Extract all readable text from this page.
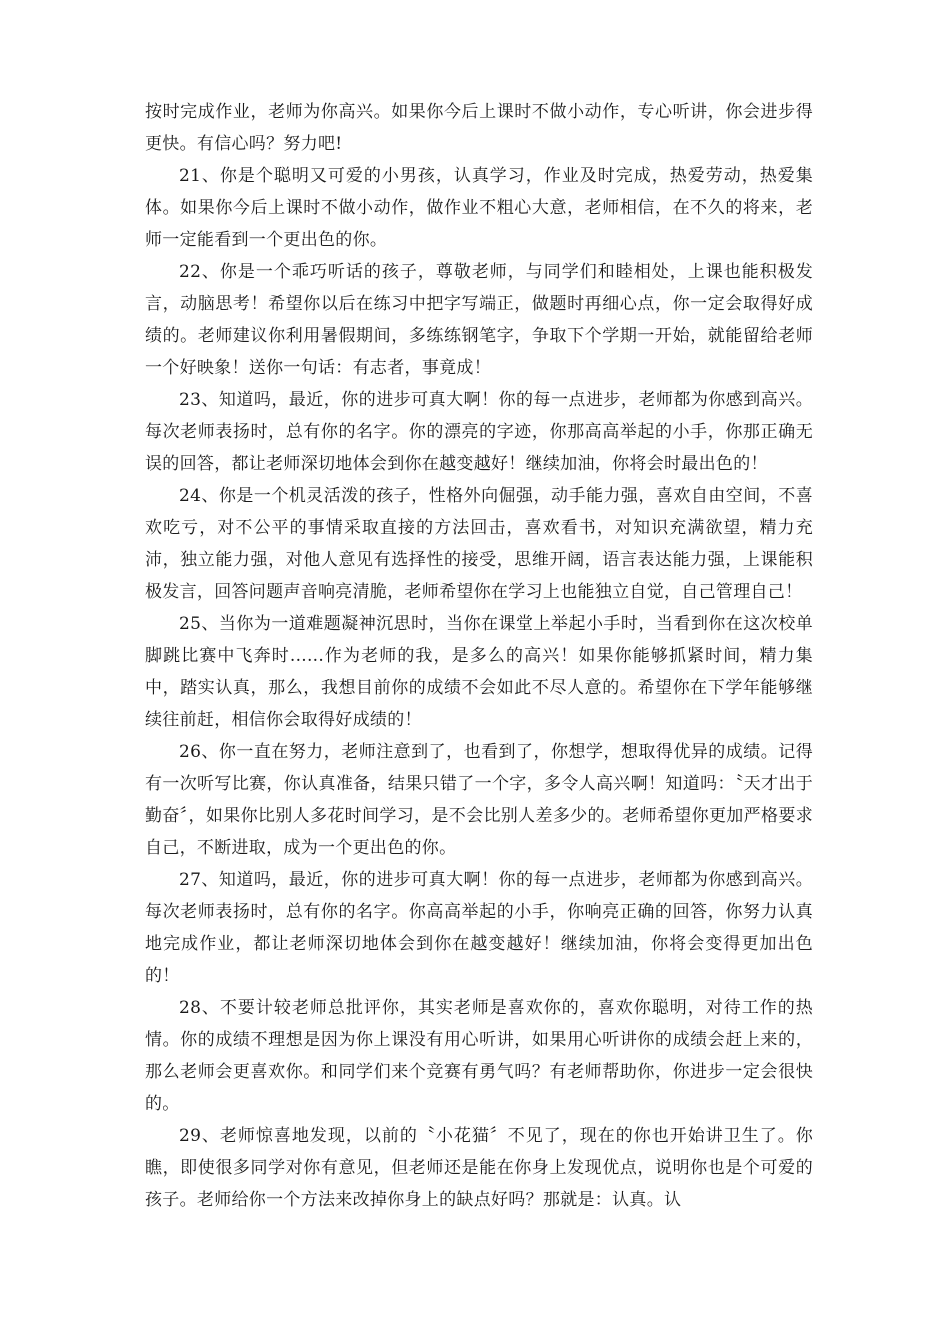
按时完成作业，老师为你高兴。如果你今后上课时不做小动作，专心听讲，你会进步得更快。有信心吗？努力吧!

21、你是个聪明又可爱的小男孩，认真学习，作业及时完成，热爱劳动，热爱集体。如果你今后上课时不做小动作，做作业不粗心大意，老师相信，在不久的将来，老师一定能看到一个更出色的你。

22、你是一个乖巧听话的孩子，尊敬老师，与同学们和睦相处，上课也能积极发言，动脑思考！希望你以后在练习中把字写端正，做题时再细心点，你一定会取得好成绩的。老师建议你利用暑假期间，多练练钢笔字，争取下个学期一开始，就能留给老师一个好映象！送你一句话：有志者，事竟成！

23、知道吗，最近，你的进步可真大啊！你的每一点进步，老师都为你感到高兴。每次老师表扬时，总有你的名字。你的漂亮的字迹，你那高高举起的小手，你那正确无误的回答，都让老师深切地体会到你在越变越好！继续加油，你将会时最出色的！

24、你是一个机灵活泼的孩子，性格外向倔强，动手能力强，喜欢自由空间，不喜欢吃亏，对不公平的事情采取直接的方法回击，喜欢看书，对知识充满欲望，精力充沛，独立能力强，对他人意见有选择性的接受，思维开阔，语言表达能力强，上课能积极发言，回答问题声音响亮清脆，老师希望你在学习上也能独立自觉，自己管理自己！

25、当你为一道难题凝神沉思时，当你在课堂上举起小手时，当看到你在这次校单脚跳比赛中飞奔时......作为老师的我，是多么的高兴！如果你能够抓紧时间，精力集中，踏实认真，那么，我想目前你的成绩不会如此不尽人意的。希望你在下学年能够继续往前赶，相信你会取得好成绩的！

26、你一直在努力，老师注意到了，也看到了，你想学，想取得优异的成绩。记得有一次听写比赛，你认真准备，结果只错了一个字，多令人高兴啊！知道吗：〝天才出于勤奋〞，如果你比别人多花时间学习，是不会比别人差多少的。老师希望你更加严格要求自己，不断进取，成为一个更出色的你。

27、知道吗，最近，你的进步可真大啊！你的每一点进步，老师都为你感到高兴。每次老师表扬时，总有你的名字。你高高举起的小手，你响亮正确的回答，你努力认真地完成作业，都让老师深切地体会到你在越变越好！继续加油，你将会变得更加出色的！

28、不要计较老师总批评你，其实老师是喜欢你的，喜欢你聪明，对待工作的热情。你的成绩不理想是因为你上课没有用心听讲，如果用心听讲你的成绩会赶上来的，那么老师会更喜欢你。和同学们来个竞赛有勇气吗？有老师帮助你，你进步一定会很快的。

29、老师惊喜地发现，以前的〝小花猫〞不见了，现在的你也开始讲卫生了。你瞧，即使很多同学对你有意见，但老师还是能在你身上发现优点，说明你也是个可爱的孩子。老师给你一个方法来改掉你身上的缺点好吗？那就是：认真。认
